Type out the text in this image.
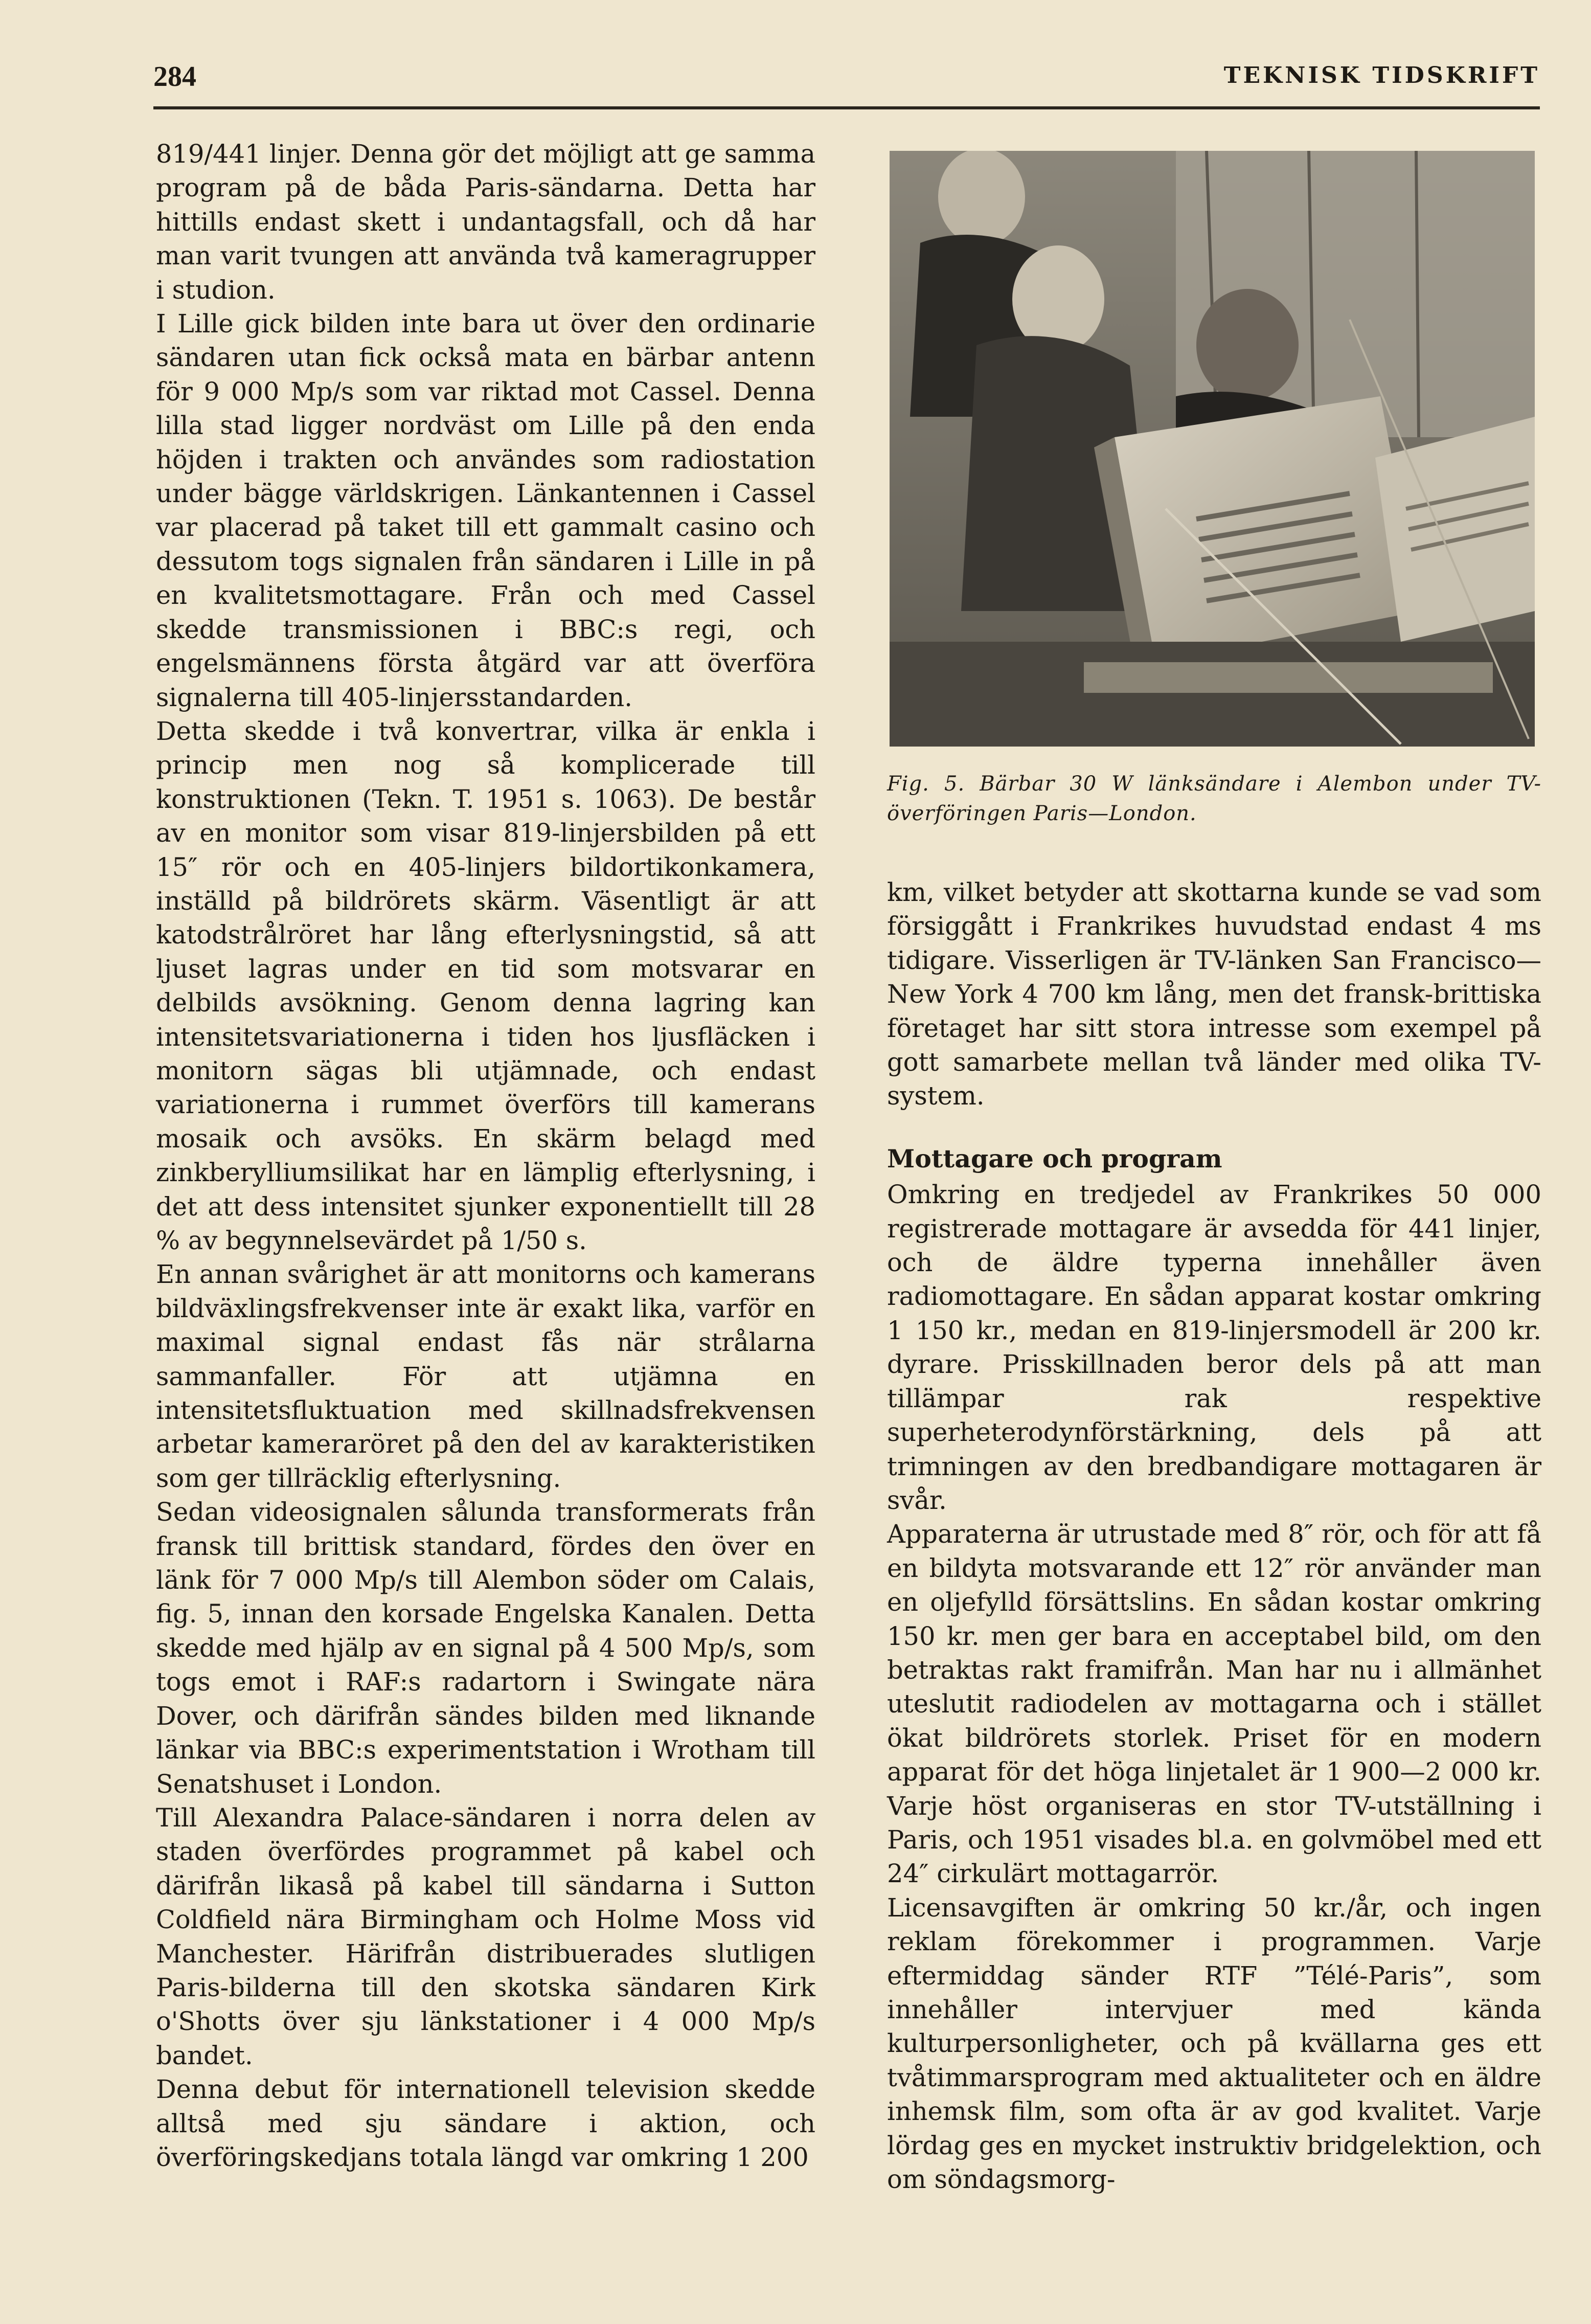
284	TEKNISK TIDSKRIFT

819/441 linjer. Denna gör det möjligt att ge samma program på de båda Paris-sändarna. Detta har hittills endast skett i undantagsfall, och då har man varit tvungen att använda två kameragrupper i studion.

I Lille gick bilden inte bara ut över den ordinarie sändaren utan fick också mata en bärbar antenn för 9 000 Mp/s som var riktad mot Cassel. Denna lilla stad ligger nordväst om Lille på den enda höjden i trakten och användes som radiostation under bägge världskrigen. Länkantennen i Cassel var placerad på taket till ett gammalt casino och dessutom togs signalen från sändaren i Lille in på en kvalitetsmottagare. Från och med Cassel skedde transmissionen i BBC:s regi, och engelsmännens första åtgärd var att överföra signalerna till 405-linjersstandarden.

Detta skedde i två konvertrar, vilka är enkla i princip men nog så komplicerade till konstruktionen (Tekn. T. 1951 s. 1063). De består av en monitor som visar 819-linjersbilden på ett 15″ rör och en 405-linjers bildortikonkamera, inställd på bildrörets skärm. Väsentligt är att katodstrålröret har lång efterlysningstid, så att ljuset lagras under en tid som motsvarar en delbilds avsökning. Genom denna lagring kan intensitetsvariationerna i tiden hos ljusfläcken i monitorn sägas bli utjämnade, och endast variationerna i rummet överförs till kamerans mosaik och avsöks. En skärm belagd med zinkberylliumsilikat har en lämplig efterlysning, i det att dess intensitet sjunker exponentiellt till 28 % av begynnelsevärdet på 1/50 s.

En annan svårighet är att monitorns och kamerans bildväxlingsfrekvenser inte är exakt lika, varför en maximal signal endast fås när strålarna sammanfaller. För att utjämna en intensitetsfluktuation med skillnadsfrekvensen arbetar kameraröret på den del av karakteristiken som ger tillräcklig efterlysning.

Sedan videosignalen sålunda transformerats från fransk till brittisk standard, fördes den över en länk för 7 000 Mp/s till Alembon söder om Calais, fig. 5, innan den korsade Engelska Kanalen. Detta skedde med hjälp av en signal på 4 500 Mp/s, som togs emot i RAF:s radartorn i Swingate nära Dover, och därifrån sändes bilden med liknande länkar via BBC:s experimentstation i Wrotham till Senatshuset i London.

Till Alexandra Palace-sändaren i norra delen av staden överfördes programmet på kabel och därifrån likaså på kabel till sändarna i Sutton Coldfield nära Birmingham och Holme Moss vid Manchester. Härifrån distribuerades slutligen Paris-bilderna till den skotska sändaren Kirk o'Shotts över sju länkstationer i 4 000 Mp/s bandet.

Denna debut för internationell television skedde alltså med sju sändare i aktion, och överföringskedjans totala längd var omkring 1 200

Fig. 5. Bärbar 30 W länksändare i Alembon under TV-överföringen Paris—London.

km, vilket betyder att skottarna kunde se vad som försiggått i Frankrikes huvudstad endast 4 ms tidigare. Visserligen är TV-länken San Francisco—New York 4 700 km lång, men det fransk-brittiska företaget har sitt stora intresse som exempel på gott samarbete mellan två länder med olika TV-system.

Mottagare och program

Omkring en tredjedel av Frankrikes 50 000 registrerade mottagare är avsedda för 441 linjer, och de äldre typerna innehåller även radiomottagare. En sådan apparat kostar omkring 1 150 kr., medan en 819-linjersmodell är 200 kr. dyrare. Prisskillnaden beror dels på att man tillämpar rak respektive superheterodynförstärkning, dels på att trimningen av den bredbandigare mottagaren är svår.

Apparaterna är utrustade med 8″ rör, och för att få en bildyta motsvarande ett 12″ rör använder man en oljefylld försättslins. En sådan kostar omkring 150 kr. men ger bara en acceptabel bild, om den betraktas rakt framifrån. Man har nu i allmänhet uteslutit radiodelen av mottagarna och i stället ökat bildrörets storlek. Priset för en modern apparat för det höga linjetalet är 1 900—2 000 kr. Varje höst organiseras en stor TV-utställning i Paris, och 1951 visades bl.a. en golvmöbel med ett 24″ cirkulärt mottagarrör.

Licensavgiften är omkring 50 kr./år, och ingen reklam förekommer i programmen. Varje eftermiddag sänder RTF ”Télé-Paris”, som innehåller intervjuer med kända kulturpersonligheter, och på kvällarna ges ett tvåtimmarsprogram med aktualiteter och en äldre inhemsk film, som ofta är av god kvalitet. Varje lördag ges en mycket instruktiv bridgelektion, och om söndagsmorg-
